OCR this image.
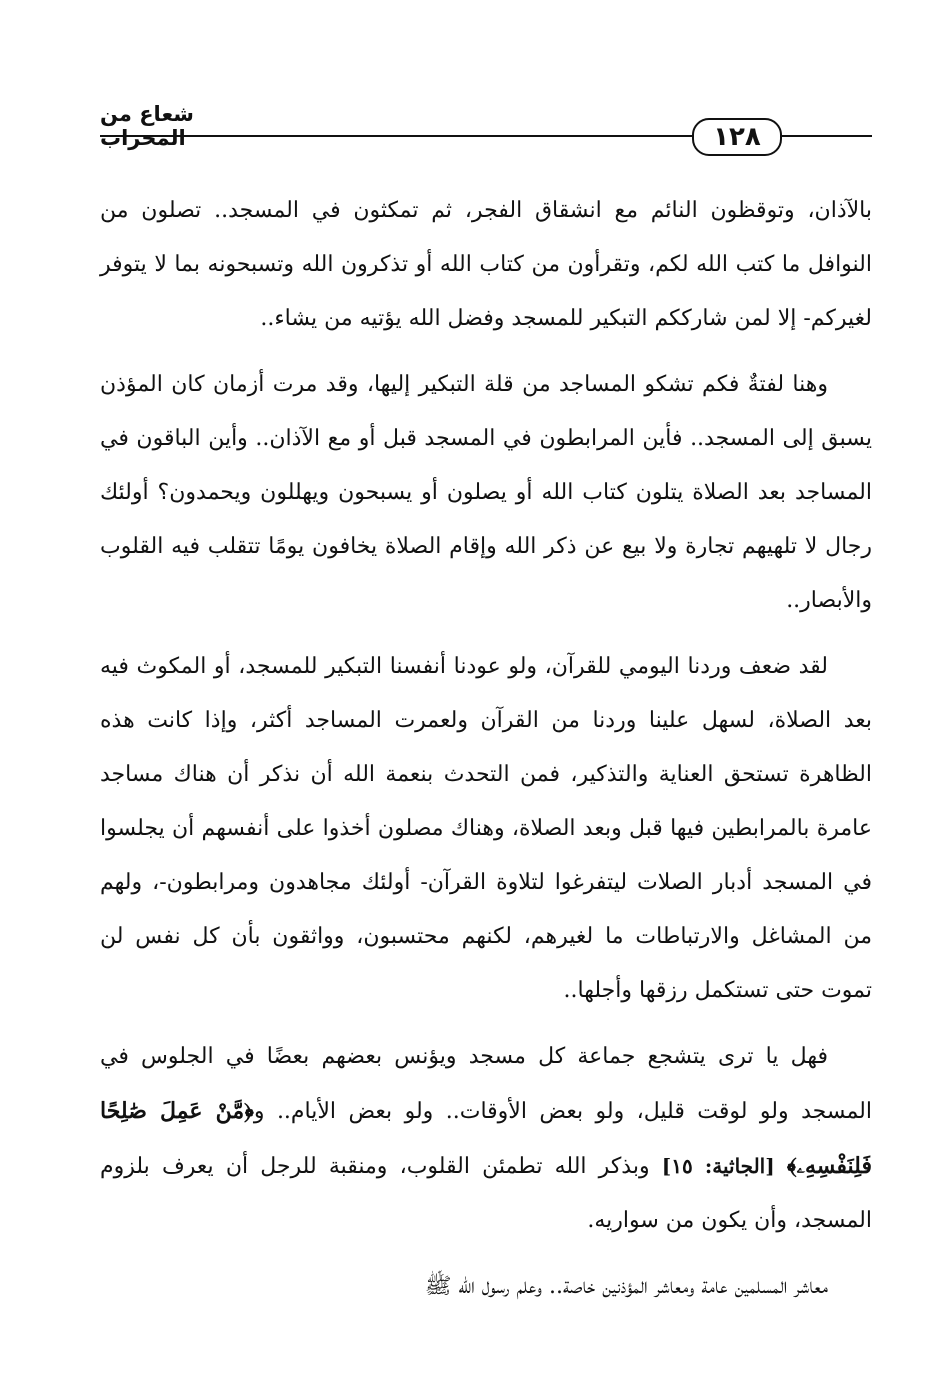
شعاع من المحراب	١٢٨

بالآذان، وتوقظون النائم مع انشقاق الفجر، ثم تمكثون في المسجد.. تصلون من النوافل ما كتب الله لكم، وتقرأون من كتاب الله أو تذكرون الله وتسبحونه بما لا يتوفر لغيركم- إلا لمن شارككم التبكير للمسجد وفضل الله يؤتيه من يشاء..

وهنا لفتةٌ فكم تشكو المساجد من قلة التبكير إليها، وقد مرت أزمان كان المؤذن يسبق إلى المسجد.. فأين المرابطون في المسجد قبل أو مع الآذان.. وأين الباقون في المساجد بعد الصلاة يتلون كتاب الله أو يصلون أو يسبحون ويهللون ويحمدون؟ أولئك رجال لا تلهيهم تجارة ولا بيع عن ذكر الله وإقام الصلاة يخافون يومًا تتقلب فيه القلوب والأبصار..

لقد ضعف وردنا اليومي للقرآن، ولو عودنا أنفسنا التبكير للمسجد، أو المكوث فيه بعد الصلاة، لسهل علينا وردنا من القرآن ولعمرت المساجد أكثر، وإذا كانت هذه الظاهرة تستحق العناية والتذكير، فمن التحدث بنعمة الله أن نذكر أن هناك مساجد عامرة بالمرابطين فيها قبل وبعد الصلاة، وهناك مصلون أخذوا على أنفسهم أن يجلسوا في المسجد أدبار الصلات ليتفرغوا لتلاوة القرآن- أولئك مجاهدون ومرابطون-، ولهم من المشاغل والارتباطات ما لغيرهم، لكنهم محتسبون، وواثقون بأن كل نفس لن تموت حتى تستكمل رزقها وأجلها..

فهل يا ترى يتشجع جماعة كل مسجد ويؤنس بعضهم بعضًا في الجلوس في المسجد ولو لوقت قليل، ولو بعض الأوقات.. ولو بعض الأيام.. و﴿مَّنْ عَمِلَ صَٰلِحًا فَلِنَفْسِهِۦ﴾ [الجاثية: ١٥] وبذكر الله تطمئن القلوب، ومنقبة للرجل أن يعرف بلزوم المسجد، وأن يكون من سواريه.

معاشر المسلمين عامة ومعاشر المؤذنين خاصة.. وعلم رسول الله ﷺ
